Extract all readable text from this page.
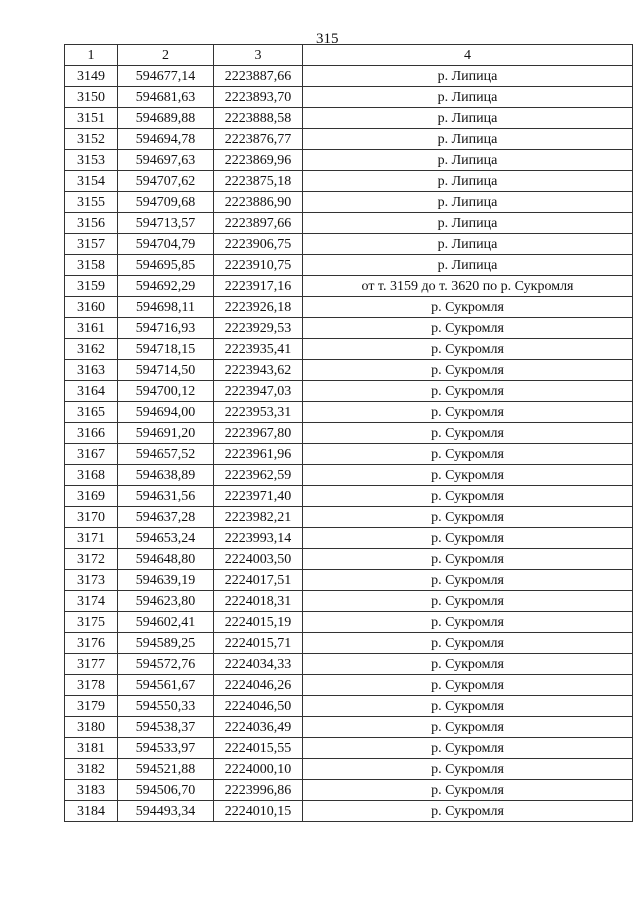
315
1	2	3	4
3149	594677,14	2223887,66	р. Липица
3150	594681,63	2223893,70	р. Липица
3151	594689,88	2223888,58	р. Липица
3152	594694,78	2223876,77	р. Липица
3153	594697,63	2223869,96	р. Липица
3154	594707,62	2223875,18	р. Липица
3155	594709,68	2223886,90	р. Липица
3156	594713,57	2223897,66	р. Липица
3157	594704,79	2223906,75	р. Липица
3158	594695,85	2223910,75	р. Липица
3159	594692,29	2223917,16	от т. 3159 до т. 3620 по р. Сукромля
3160	594698,11	2223926,18	р. Сукромля
3161	594716,93	2223929,53	р. Сукромля
3162	594718,15	2223935,41	р. Сукромля
3163	594714,50	2223943,62	р. Сукромля
3164	594700,12	2223947,03	р. Сукромля
3165	594694,00	2223953,31	р. Сукромля
3166	594691,20	2223967,80	р. Сукромля
3167	594657,52	2223961,96	р. Сукромля
3168	594638,89	2223962,59	р. Сукромля
3169	594631,56	2223971,40	р. Сукромля
3170	594637,28	2223982,21	р. Сукромля
3171	594653,24	2223993,14	р. Сукромля
3172	594648,80	2224003,50	р. Сукромля
3173	594639,19	2224017,51	р. Сукромля
3174	594623,80	2224018,31	р. Сукромля
3175	594602,41	2224015,19	р. Сукромля
3176	594589,25	2224015,71	р. Сукромля
3177	594572,76	2224034,33	р. Сукромля
3178	594561,67	2224046,26	р. Сукромля
3179	594550,33	2224046,50	р. Сукромля
3180	594538,37	2224036,49	р. Сукромля
3181	594533,97	2224015,55	р. Сукромля
3182	594521,88	2224000,10	р. Сукромля
3183	594506,70	2223996,86	р. Сукромля
3184	594493,34	2224010,15	р. Сукромля
